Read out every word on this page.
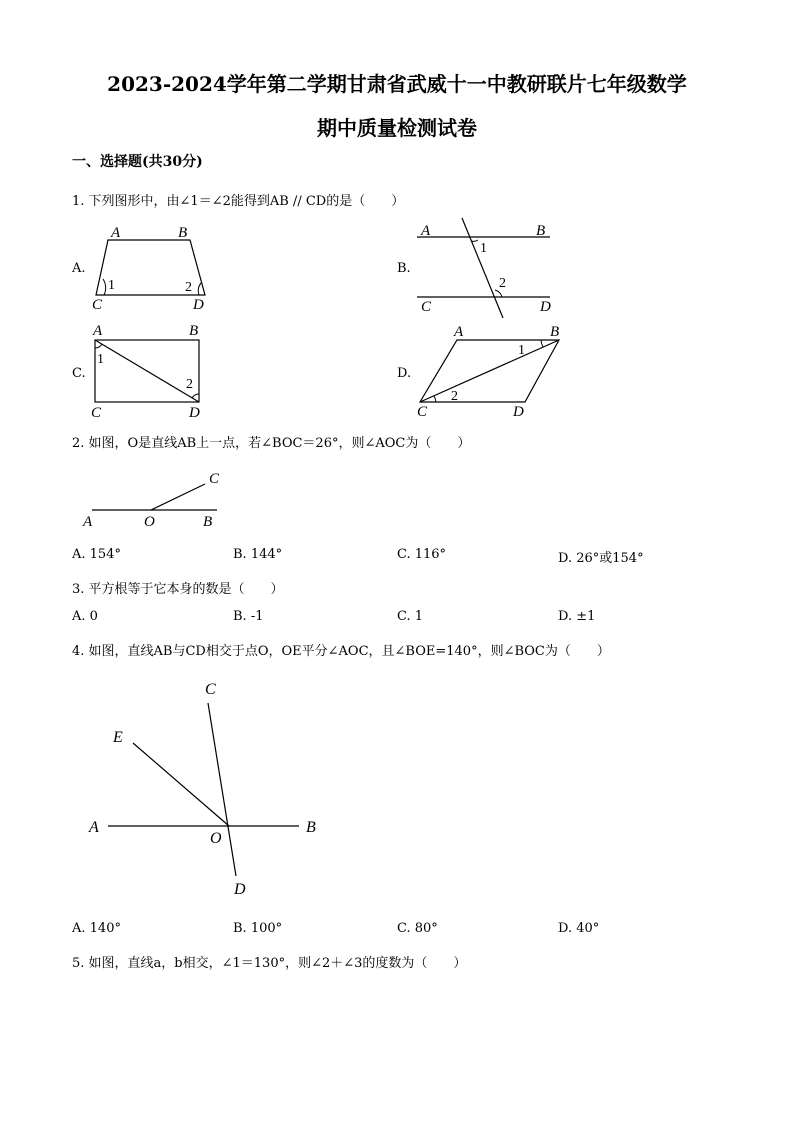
2023-2024学年第二学期甘肃省武威十一中教研联片七年级数学
期中质量检测试卷
一、选择题(共30分)
1. 下列图形中，由∠1＝∠2能得到AB // CD的是（　　）
A.
A	B
C	D
1	2
B.
A	B
C	D
1
2
C.
A	B
C	D
1
2
D.
A	B
C	D
1
2
2. 如图，O是直线AB上一点，若∠BOC＝26°，则∠AOC为（　　）
A	O	B
C
A. 154°	B. 144°	C. 116°	D. 26°或154°
3. 平方根等于它本身的数是（　　）
A. 0	B. -1	C. 1	D. ±1
4. 如图，直线AB与CD相交于点O，OE平分∠AOC，且∠BOE=140°，则∠BOC为（　　）
C
E
A
O
B
D
A. 140°	B. 100°	C. 80°	D. 40°
5. 如图，直线a，b相交，∠1＝130°，则∠2＋∠3的度数为（　　）
